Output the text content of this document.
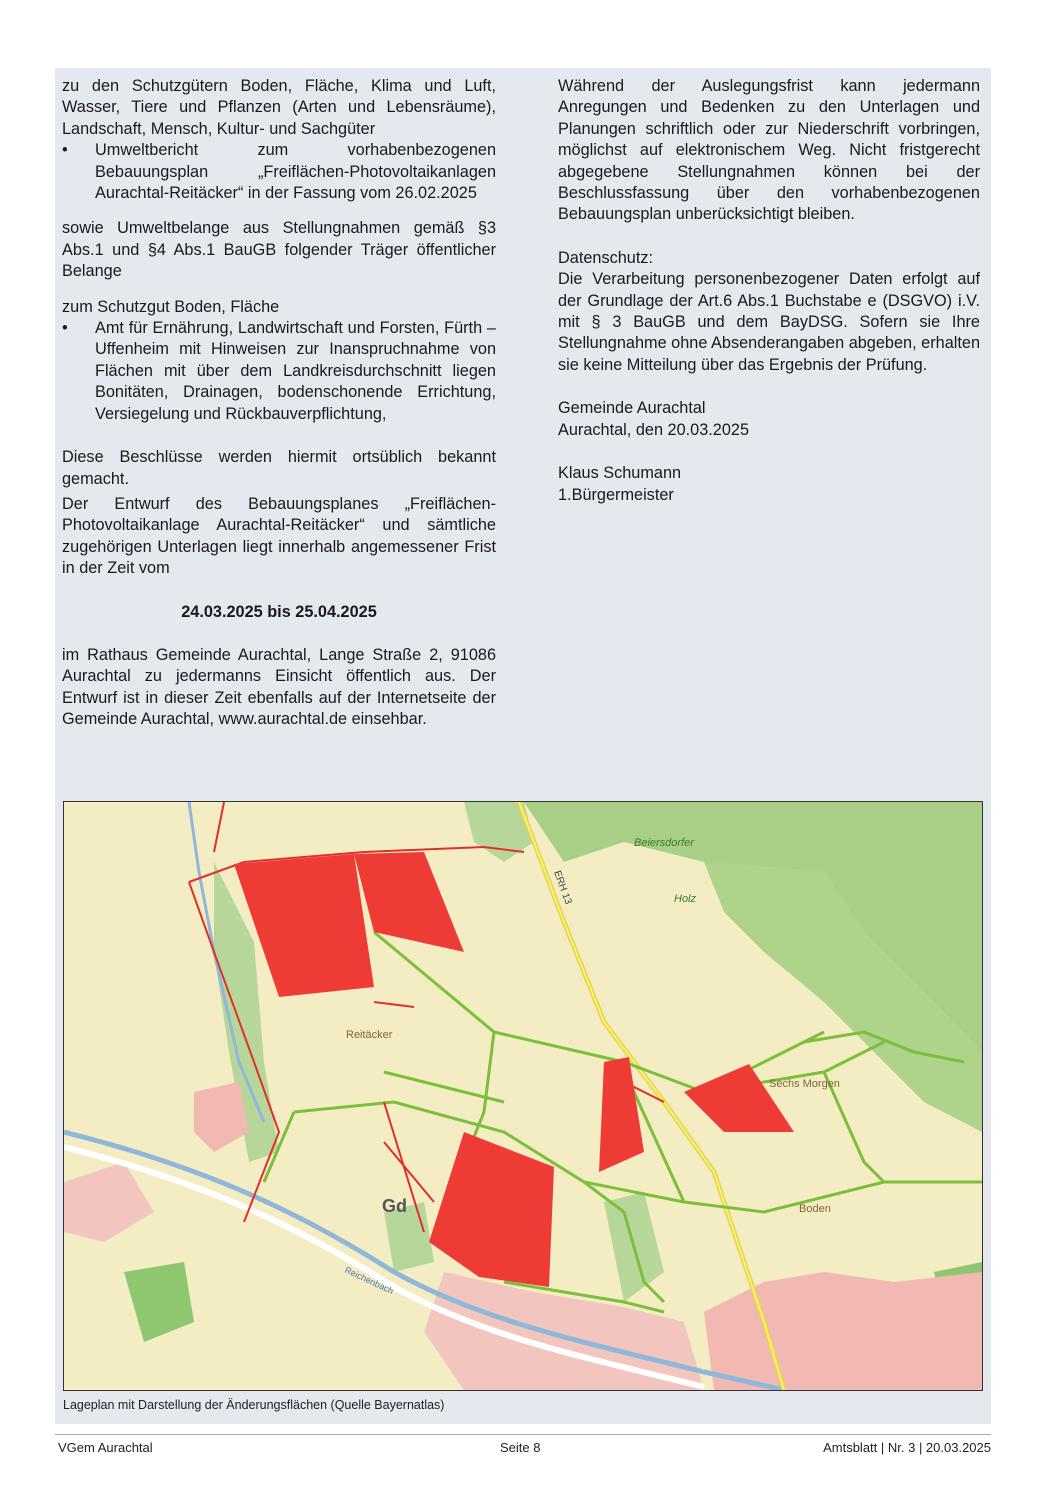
zu den Schutzgütern Boden, Fläche, Klima und Luft, Wasser, Tiere und Pflanzen (Arten und Lebensräume), Landschaft, Mensch, Kultur- und Sachgüter

• Umweltbericht zum vorhabenbezogenen Bebauungsplan „Freiflächen-Photovoltaikanlagen Aurachtal-Reitäcker“ in der Fassung vom 26.02.2025

sowie Umweltbelange aus Stellungnahmen gemäß §3 Abs.1 und §4 Abs.1 BauGB folgender Träger öffentlicher Belange

zum Schutzgut Boden, Fläche

• Amt für Ernährung, Landwirtschaft und Forsten, Fürth – Uffenheim mit Hinweisen zur Inanspruchnahme von Flächen mit über dem Landkreisdurchschnitt liegen Bonitäten, Drainagen, bodenschonende Errichtung, Versiegelung und Rückbauverpflichtung,

Diese Beschlüsse werden hiermit ortsüblich bekannt gemacht.

Der Entwurf des Bebauungsplanes „Freiflächen-Photovoltaikanlage Aurachtal-Reitäcker“ und sämtliche zugehörigen Unterlagen liegt innerhalb angemessener Frist in der Zeit vom

24.03.2025 bis 25.04.2025

im Rathaus Gemeinde Aurachtal, Lange Straße 2, 91086 Aurachtal zu jedermanns Einsicht öffentlich aus. Der Entwurf ist in dieser Zeit ebenfalls auf der Internetseite der Gemeinde Aurachtal, www.aurachtal.de einsehbar.

Während der Auslegungsfrist kann jedermann Anregungen und Bedenken zu den Unterlagen und Planungen schriftlich oder zur Niederschrift vorbringen, möglichst auf elektronischem Weg. Nicht fristgerecht abgegebene Stellungnahmen können bei der Beschlussfassung über den vorhabenbezogenen Bebauungsplan unberücksichtigt bleiben.

Datenschutz:

Die Verarbeitung personenbezogener Daten erfolgt auf der Grundlage der Art.6 Abs.1 Buchstabe e (DSGVO) i.V. mit § 3 BauGB und dem BayDSG. Sofern sie Ihre Stellungnahme ohne Absenderangaben abgeben, erhalten sie keine Mitteilung über das Ergebnis der Prüfung.

Gemeinde Aurachtal

Aurachtal, den 20.03.2025

Klaus Schumann

1.Bürgermeister

Beiersdorfer
Holz
Reitäcker
Sechs Morgen
Boden
Gd
ERH 13
Reichenbach
Lageplan mit Darstellung der Änderungsflächen (Quelle Bayernatlas)
VGem Aurachtal	Seite 8	Amtsblatt | Nr. 3 | 20.03.2025
